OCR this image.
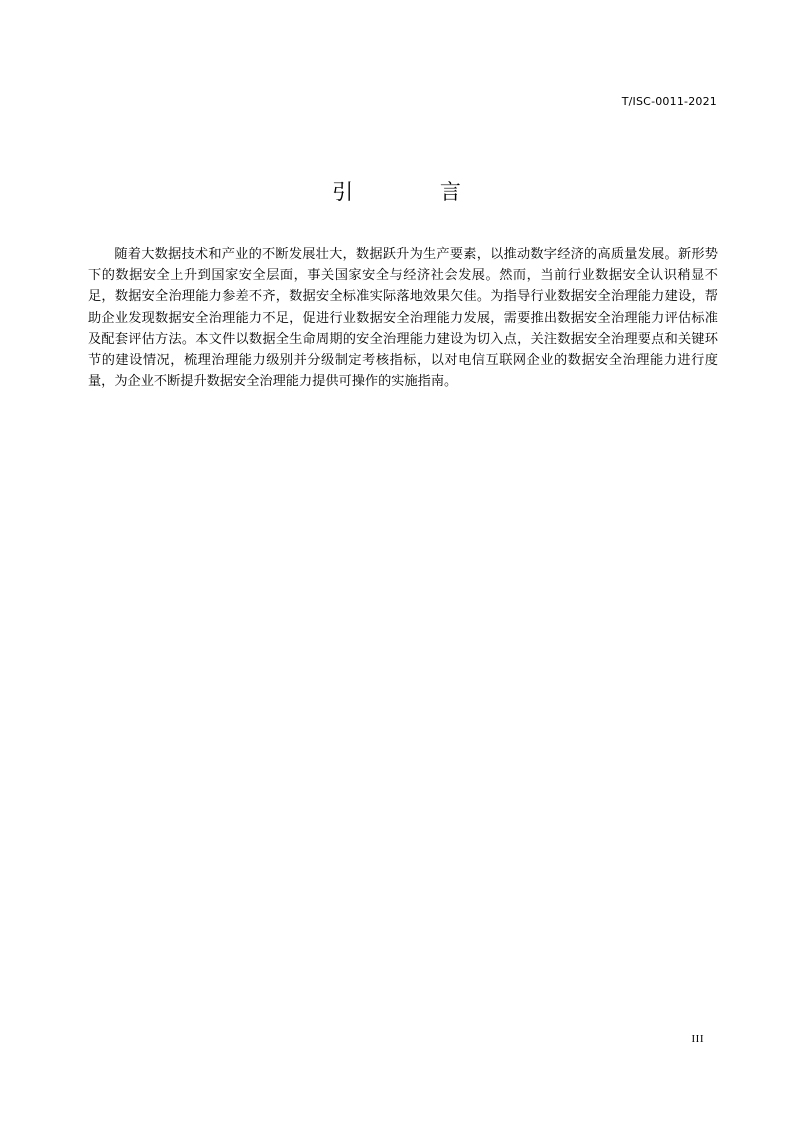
T/ISC-0011-2021
引 言

随着大数据技术和产业的不断发展壮大，数据跃升为生产要素，以推动数字经济的高质量发展。新形势下的数据安全上升到国家安全层面，事关国家安全与经济社会发展。然而，当前行业数据安全认识稍显不足，数据安全治理能力参差不齐，数据安全标准实际落地效果欠佳。为指导行业数据安全治理能力建设，帮助企业发现数据安全治理能力不足，促进行业数据安全治理能力发展，需要推出数据安全治理能力评估标准及配套评估方法。本文件以数据全生命周期的安全治理能力建设为切入点，关注数据安全治理要点和关键环节的建设情况，梳理治理能力级别并分级制定考核指标，以对电信互联网企业的数据安全治理能力进行度量，为企业不断提升数据安全治理能力提供可操作的实施指南。

III
